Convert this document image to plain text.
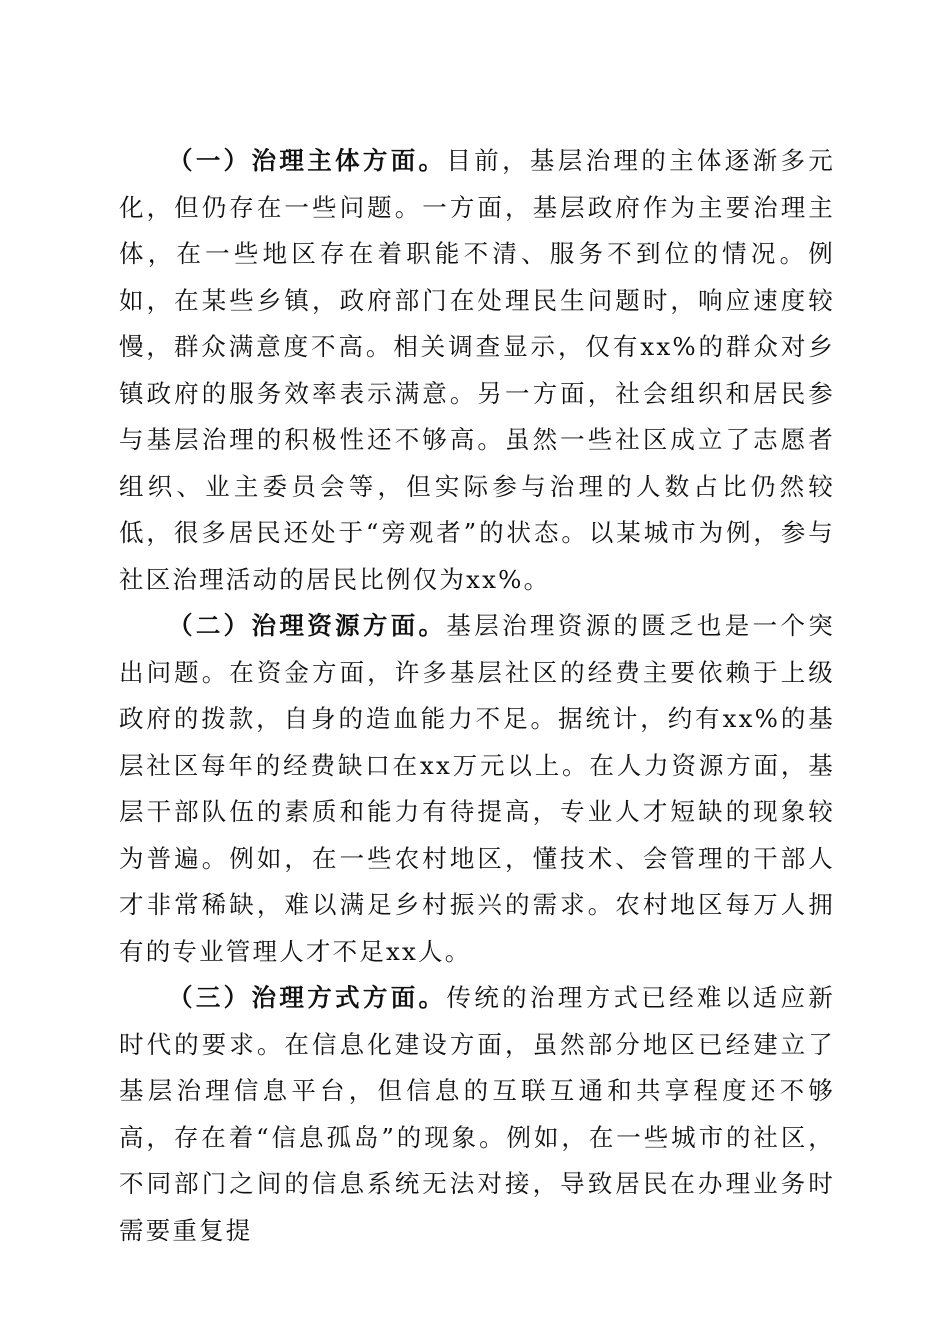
（一）治理主体方面。目前，基层治理的主体逐渐多元化，但仍存在一些问题。一方面，基层政府作为主要治理主体，在一些地区存在着职能不清、服务不到位的情况。例如，在某些乡镇，政府部门在处理民生问题时，响应速度较慢，群众满意度不高。相关调查显示，仅有xx%的群众对乡镇政府的服务效率表示满意。另一方面，社会组织和居民参与基层治理的积极性还不够高。虽然一些社区成立了志愿者组织、业主委员会等，但实际参与治理的人数占比仍然较低，很多居民还处于“旁观者”的状态。以某城市为例，参与社区治理活动的居民比例仅为xx%。

（二）治理资源方面。基层治理资源的匮乏也是一个突出问题。在资金方面，许多基层社区的经费主要依赖于上级政府的拨款，自身的造血能力不足。据统计，约有xx%的基层社区每年的经费缺口在xx万元以上。在人力资源方面，基层干部队伍的素质和能力有待提高，专业人才短缺的现象较为普遍。例如，在一些农村地区，懂技术、会管理的干部人才非常稀缺，难以满足乡村振兴的需求。农村地区每万人拥有的专业管理人才不足xx人。

（三）治理方式方面。传统的治理方式已经难以适应新时代的要求。在信息化建设方面，虽然部分地区已经建立了基层治理信息平台，但信息的互联互通和共享程度还不够高，存在着“信息孤岛”的现象。例如，在一些城市的社区，不同部门之间的信息系统无法对接，导致居民在办理业务时需要重复提
